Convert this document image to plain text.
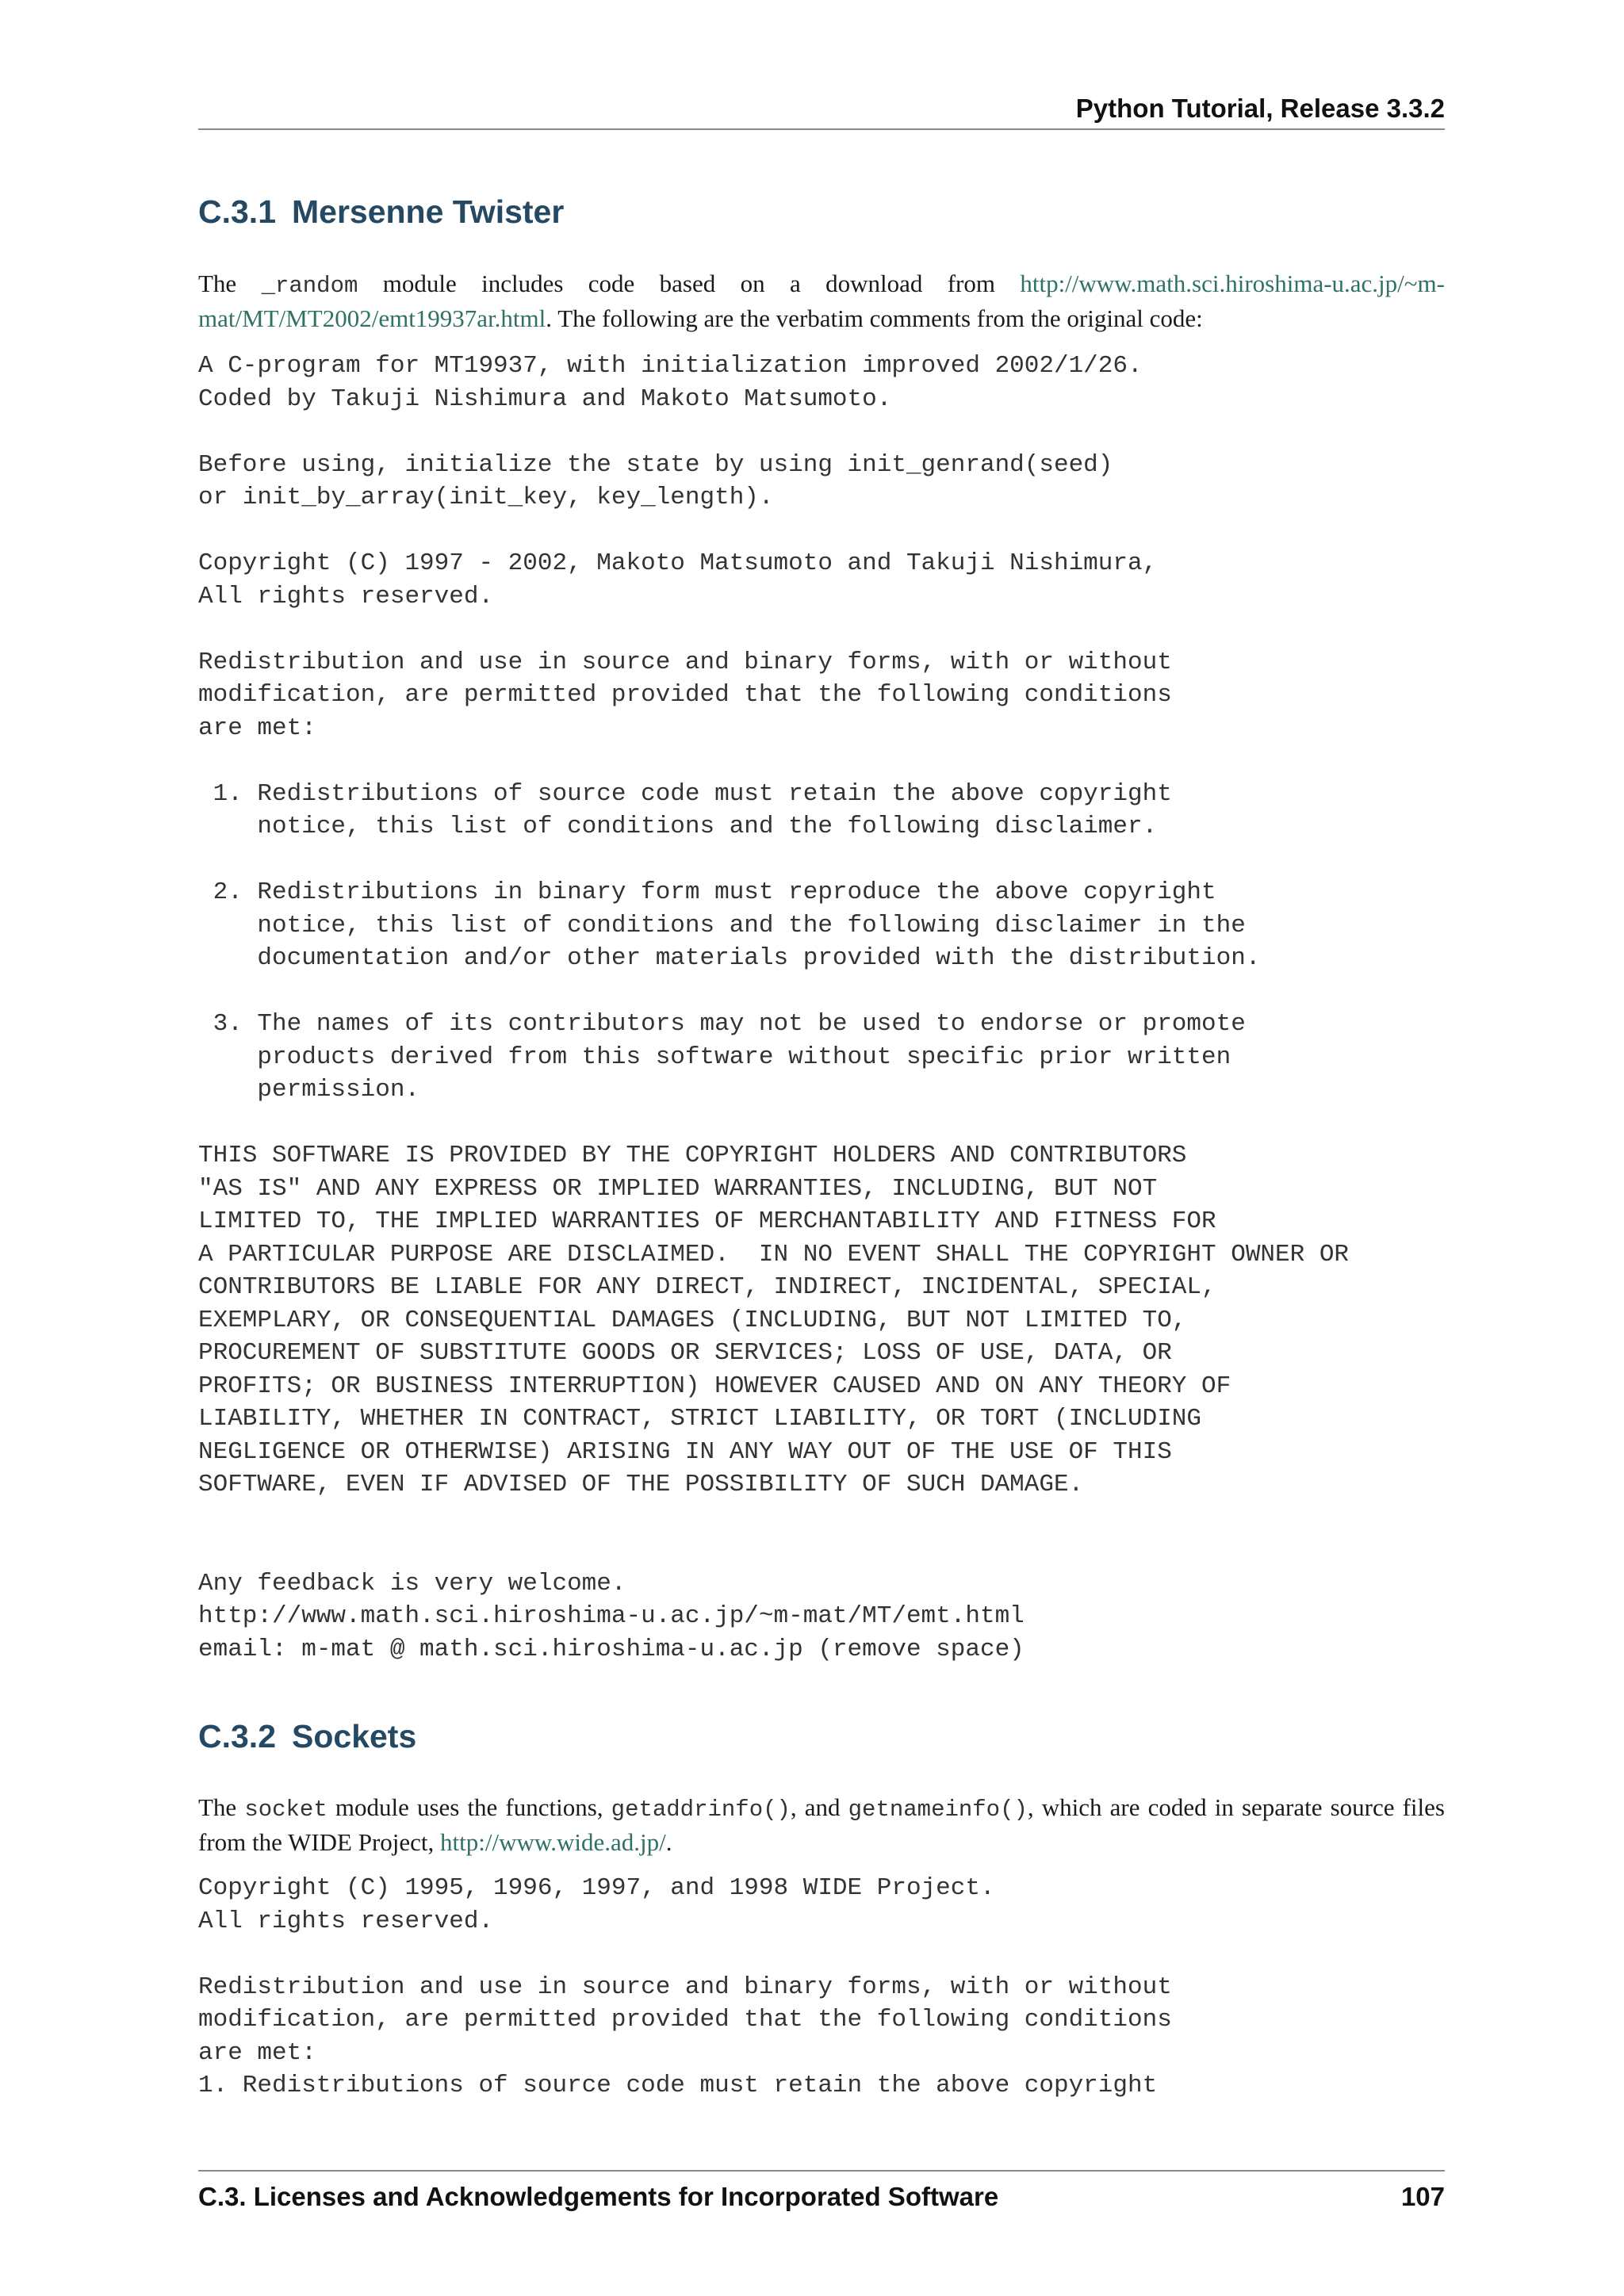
Python Tutorial, Release 3.3.2
C.3.1 Mersenne Twister

The _random module includes code based on a download from http://www.math.sci.hiroshima-u.ac.jp/~m-mat/MT/MT2002/emt19937ar.html. The following are the verbatim comments from the original code:

A C-program for MT19937, with initialization improved 2002/1/26.
Coded by Takuji Nishimura and Makoto Matsumoto.

Before using, initialize the state by using init_genrand(seed)
or init_by_array(init_key, key_length).

Copyright (C) 1997 - 2002, Makoto Matsumoto and Takuji Nishimura,
All rights reserved.

Redistribution and use in source and binary forms, with or without
modification, are permitted provided that the following conditions
are met:

1. Redistributions of source code must retain the above copyright
notice, this list of conditions and the following disclaimer.

2. Redistributions in binary form must reproduce the above copyright
notice, this list of conditions and the following disclaimer in the
documentation and/or other materials provided with the distribution.

3. The names of its contributors may not be used to endorse or promote
products derived from this software without specific prior written
permission.

THIS SOFTWARE IS PROVIDED BY THE COPYRIGHT HOLDERS AND CONTRIBUTORS
"AS IS" AND ANY EXPRESS OR IMPLIED WARRANTIES, INCLUDING, BUT NOT
LIMITED TO, THE IMPLIED WARRANTIES OF MERCHANTABILITY AND FITNESS FOR
A PARTICULAR PURPOSE ARE DISCLAIMED.  IN NO EVENT SHALL THE COPYRIGHT OWNER OR
CONTRIBUTORS BE LIABLE FOR ANY DIRECT, INDIRECT, INCIDENTAL, SPECIAL,
EXEMPLARY, OR CONSEQUENTIAL DAMAGES (INCLUDING, BUT NOT LIMITED TO,
PROCUREMENT OF SUBSTITUTE GOODS OR SERVICES; LOSS OF USE, DATA, OR
PROFITS; OR BUSINESS INTERRUPTION) HOWEVER CAUSED AND ON ANY THEORY OF
LIABILITY, WHETHER IN CONTRACT, STRICT LIABILITY, OR TORT (INCLUDING
NEGLIGENCE OR OTHERWISE) ARISING IN ANY WAY OUT OF THE USE OF THIS
SOFTWARE, EVEN IF ADVISED OF THE POSSIBILITY OF SUCH DAMAGE.

Any feedback is very welcome.
http://www.math.sci.hiroshima-u.ac.jp/~m-mat/MT/emt.html
email: m-mat @ math.sci.hiroshima-u.ac.jp (remove space)
C.3.2 Sockets

The socket module uses the functions, getaddrinfo(), and getnameinfo(), which are coded in separate source files from the WIDE Project, http://www.wide.ad.jp/.

Copyright (C) 1995, 1996, 1997, and 1998 WIDE Project.
All rights reserved.

Redistribution and use in source and binary forms, with or without
modification, are permitted provided that the following conditions
are met:
1. Redistributions of source code must retain the above copyright
C.3. Licenses and Acknowledgements for Incorporated Software	107
